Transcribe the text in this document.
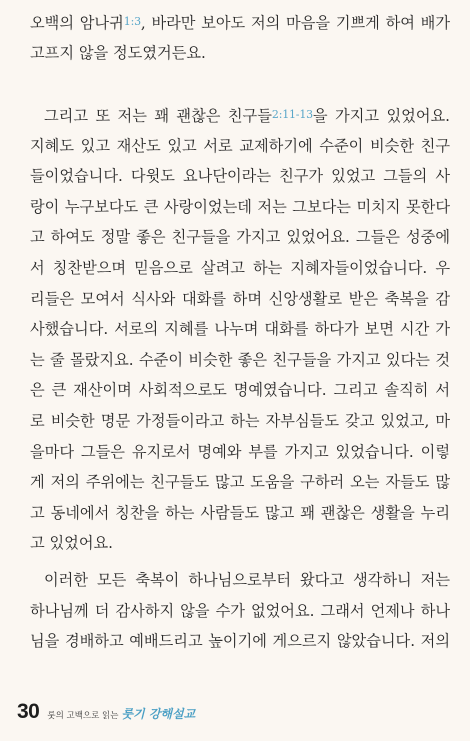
오백의 암나귀1:3, 바라만 보아도 저의 마음을 기쁘게 하여 배가
고프지 않을 정도였거든요.
그리고 또 저는 꽤 괜찮은 친구들2:11-13을 가지고 있었어요.
지혜도 있고 재산도 있고 서로 교제하기에 수준이 비슷한 친구
들이었습니다. 다윗도 요나단이라는 친구가 있었고 그들의 사
랑이 누구보다도 큰 사랑이었는데 저는 그보다는 미치지 못한다
고 하여도 정말 좋은 친구들을 가지고 있었어요. 그들은 성중에
서 칭찬받으며 믿음으로 살려고 하는 지혜자들이었습니다. 우
리들은 모여서 식사와 대화를 하며 신앙생활로 받은 축복을 감
사했습니다. 서로의 지혜를 나누며 대화를 하다가 보면 시간 가
는 줄 몰랐지요. 수준이 비슷한 좋은 친구들을 가지고 있다는 것
은 큰 재산이며 사회적으로도 명예였습니다. 그리고 솔직히 서
로 비슷한 명문 가정들이라고 하는 자부심들도 갖고 있었고, 마
을마다 그들은 유지로서 명예와 부를 가지고 있었습니다. 이렇
게 저의 주위에는 친구들도 많고 도움을 구하러 오는 자들도 많
고 동네에서 칭찬을 하는 사람들도 많고 꽤 괜찮은 생활을 누리
고 있었어요.
이러한 모든 축복이 하나님으로부터 왔다고 생각하니 저는
하나님께 더 감사하지 않을 수가 없었어요. 그래서 언제나 하나
님을 경배하고 예배드리고 높이기에 게으르지 않았습니다. 저의
30 룻의 고백으로 읽는 룻기 강해설교
